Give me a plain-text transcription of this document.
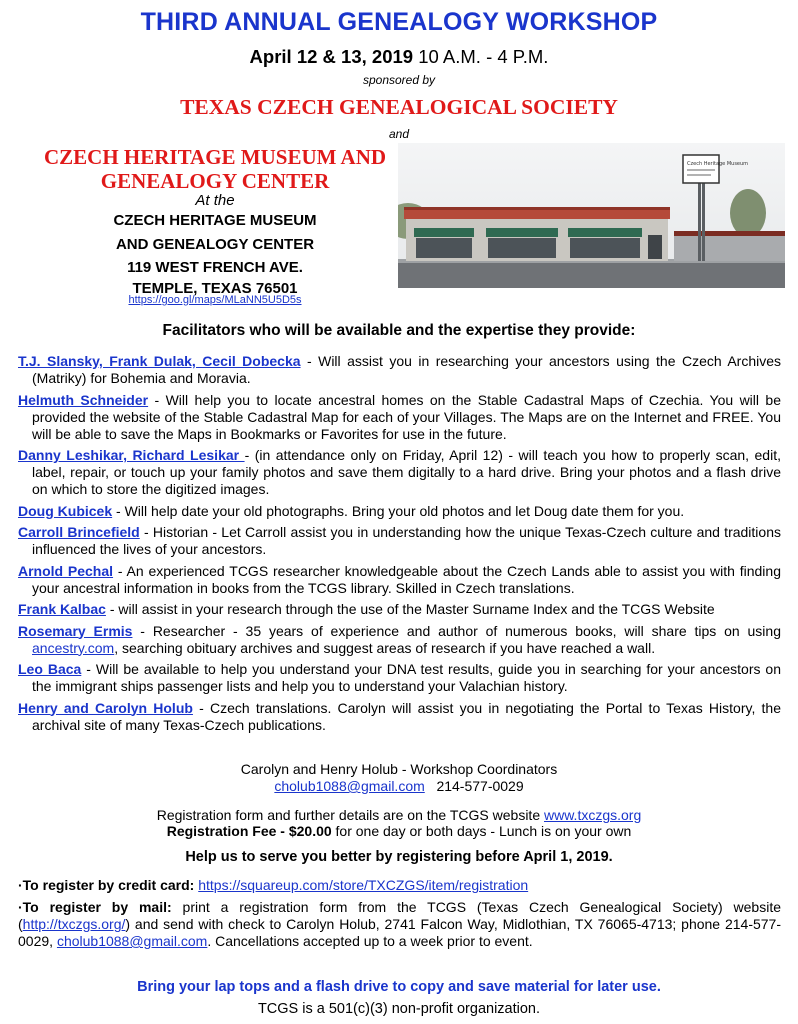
THIRD ANNUAL GENEALOGY WORKSHOP
April 12 & 13, 2019 10 A.M. - 4 P.M.
sponsored by
TEXAS CZECH GENEALOGICAL SOCIETY
and
CZECH HERITAGE MUSEUM AND GENEALOGY CENTER
At the
CZECH HERITAGE MUSEUM
AND GENEALOGY CENTER
119 WEST FRENCH AVE.
TEMPLE, TEXAS 76501
https://goo.gl/maps/MLaNN5U5D5s
Czech Heritage Museum
Facilitators who will be available and the expertise they provide:

T.J. Slansky, Frank Dulak, Cecil Dobecka - Will assist you in researching your ancestors using the Czech Archives (Matriky) for Bohemia and Moravia.

Helmuth Schneider - Will help you to locate ancestral homes on the Stable Cadastral Maps of Czechia. You will be provided the website of the Stable Cadastral Map for each of your Villages. The Maps are on the Internet and FREE. You will be able to save the Maps in Bookmarks or Favorites for use in the future.

Danny Leshikar, Richard Lesikar - (in attendance only on Friday, April 12) - will teach you how to properly scan, edit, label, repair, or touch up your family photos and save them digitally to a hard drive. Bring your photos and a flash drive on which to store the digitized images.

Doug Kubicek - Will help date your old photographs. Bring your old photos and let Doug date them for you.

Carroll Brincefield - Historian - Let Carroll assist you in understanding how the unique Texas-Czech culture and traditions influenced the lives of your ancestors.

Arnold Pechal - An experienced TCGS researcher knowledgeable about the Czech Lands able to assist you with finding your ancestral information in books from the TCGS library. Skilled in Czech translations.

Frank Kalbac - will assist in your research through the use of the Master Surname Index and the TCGS Website

Rosemary Ermis - Researcher - 35 years of experience and author of numerous books, will share tips on using ancestry.com, searching obituary archives and suggest areas of research if you have reached a wall.

Leo Baca - Will be available to help you understand your DNA test results, guide you in searching for your ancestors on the immigrant ships passenger lists and help you to understand your Valachian history.

Henry and Carolyn Holub - Czech translations. Carolyn will assist you in negotiating the Portal to Texas History, the archival site of many Texas-Czech publications.

Carolyn and Henry Holub - Workshop Coordinators
cholub1088@gmail.com 214-577-0029
Registration form and further details are on the TCGS website www.txczgs.org
Registration Fee - $20.00 for one day or both days - Lunch is on your own
Help us to serve you better by registering before April 1, 2019.
·To register by credit card: https://squareup.com/store/TXCZGS/item/registration
·To register by mail: print a registration form from the TCGS (Texas Czech Genealogical Society) website (http://txczgs.org/) and send with check to Carolyn Holub, 2741 Falcon Way, Midlothian, TX 76065-4713; phone 214-577-0029, cholub1088@gmail.com. Cancellations accepted up to a week prior to event.
Bring your lap tops and a flash drive to copy and save material for later use.
TCGS is a 501(c)(3) non-profit organization.
